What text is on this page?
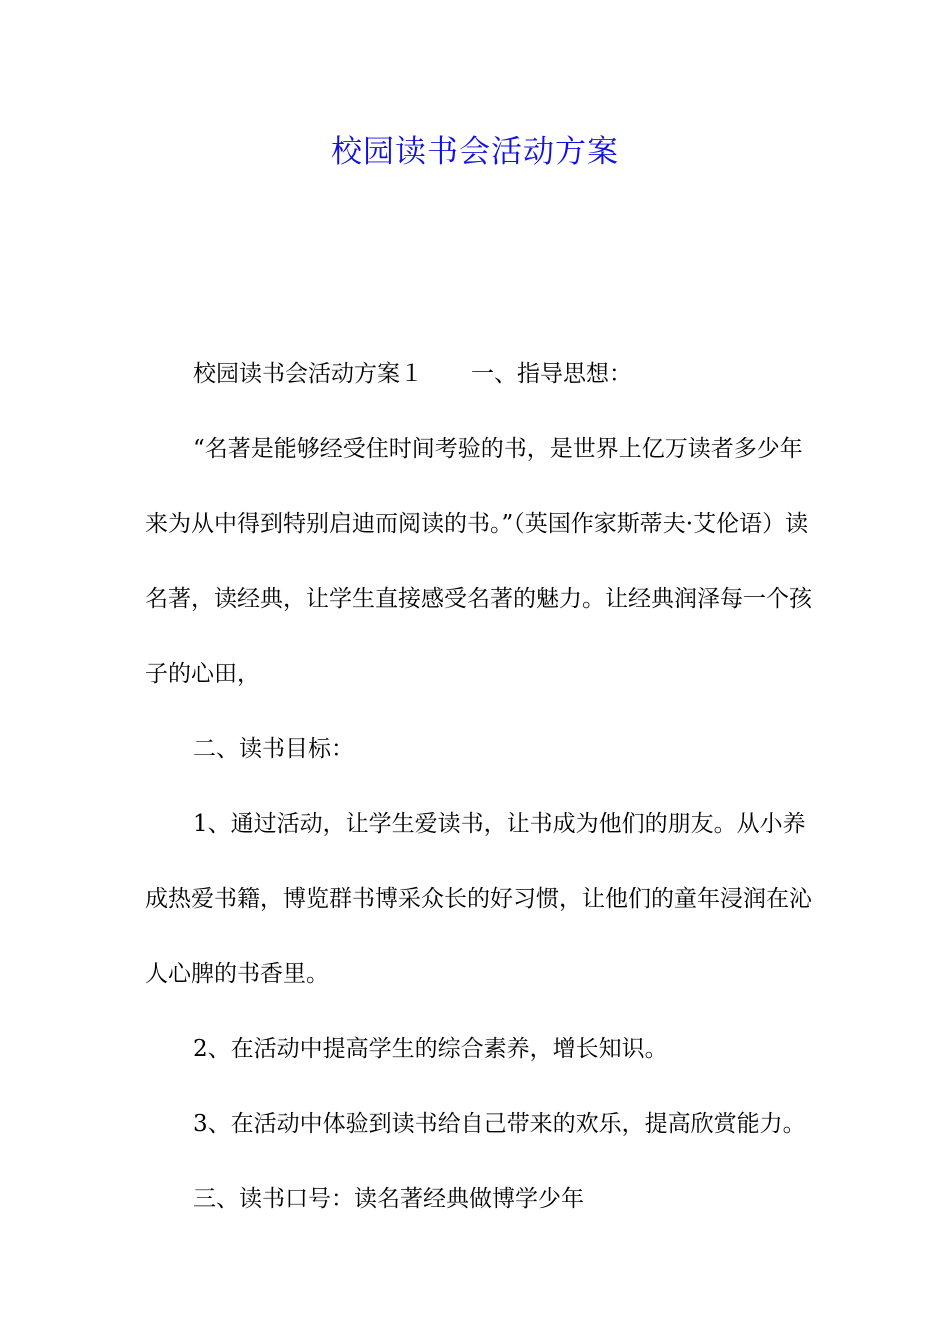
校园读书会活动方案

校园读书会活动方案１ 一、指导思想：

“名著是能够经受住时间考验的书，是世界上亿万读者多少年来为从中得到特别启迪而阅读的书。”（英国作家斯蒂夫·艾伦语）读名著，读经典，让学生直接感受名著的魅力。让经典润泽每一个孩子的心田，

二、读书目标：

1、通过活动，让学生爱读书，让书成为他们的朋友。从小养成热爱书籍，博览群书博采众长的好习惯，让他们的童年浸润在沁人心脾的书香里。

2、在活动中提高学生的综合素养，增长知识。

3、在活动中体验到读书给自己带来的欢乐，提高欣赏能力。

三、读书口号：读名著经典做博学少年
